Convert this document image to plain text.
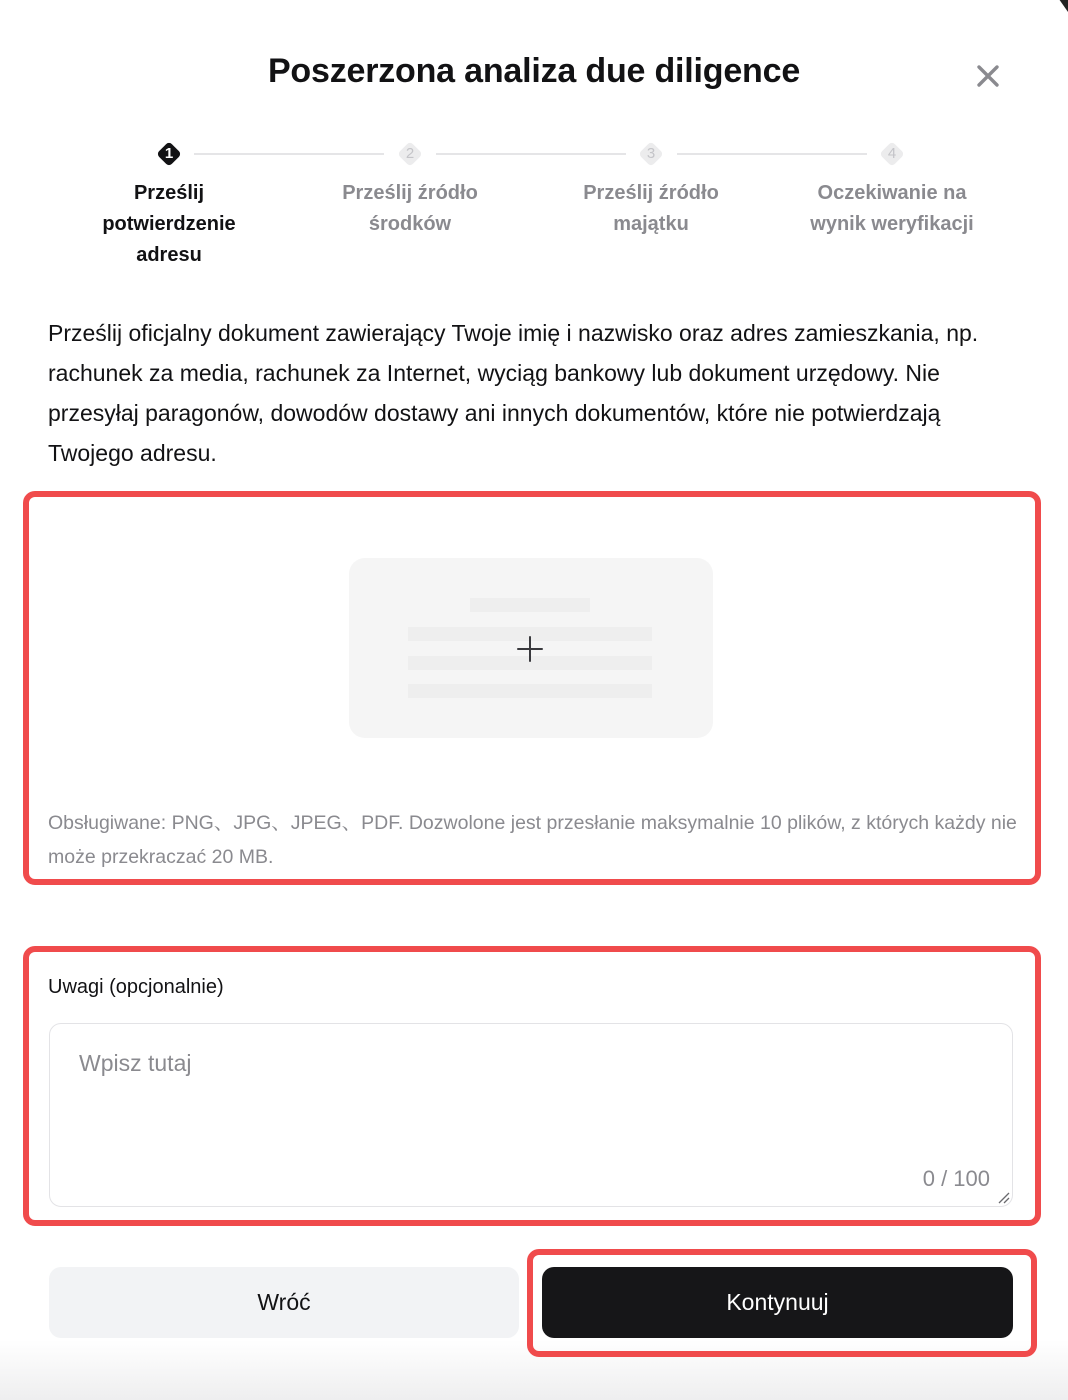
Poszerzona analiza due diligence
1
Prześlij
potwierdzenie
adresu
2
Prześlij źródło
środków
3
Prześlij źródło
majątku
4
Oczekiwanie na
wynik weryfikacji

Prześlij oficjalny dokument zawierający Twoje imię i nazwisko oraz adres zamieszkania, np. rachunek za media, rachunek za Internet, wyciąg bankowy lub dokument urzędowy. Nie przesyłaj paragonów, dowodów dostawy ani innych dokumentów, które nie potwierdzają Twojego adresu.

Obsługiwane: PNG、JPG、JPEG、PDF. Dozwolone jest przesłanie maksymalnie 10 plików, z których każdy nie może przekraczać 20 MB.

Uwagi (opcjonalnie)
Wpisz tutaj
0 / 100
Wróć	Kontynuuj
